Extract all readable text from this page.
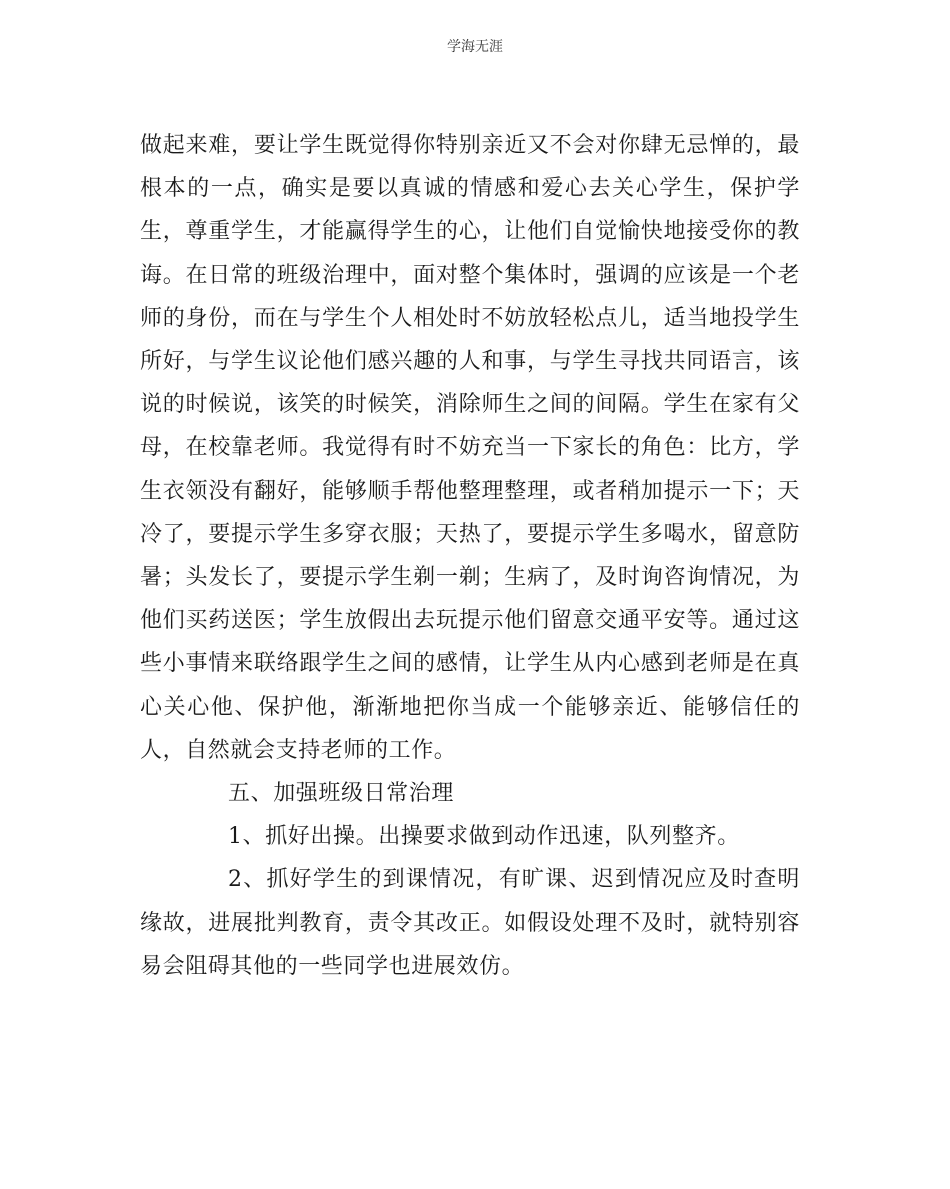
学海无涯

做起来难，要让学生既觉得你特别亲近又不会对你肆无忌惮的，最根本的一点，确实是要以真诚的情感和爱心去关心学生，保护学生，尊重学生，才能赢得学生的心，让他们自觉愉快地接受你的教诲。在日常的班级治理中，面对整个集体时，强调的应该是一个老师的身份，而在与学生个人相处时不妨放轻松点儿，适当地投学生所好，与学生议论他们感兴趣的人和事，与学生寻找共同语言，该说的时候说，该笑的时候笑，消除师生之间的间隔。学生在家有父母，在校靠老师。我觉得有时不妨充当一下家长的角色：比方，学生衣领没有翻好，能够顺手帮他整理整理，或者稍加提示一下；天冷了，要提示学生多穿衣服；天热了，要提示学生多喝水，留意防暑；头发长了，要提示学生剃一剃；生病了，及时询咨询情况，为他们买药送医；学生放假出去玩提示他们留意交通平安等。通过这些小事情来联络跟学生之间的感情，让学生从内心感到老师是在真心关心他、保护他，渐渐地把你当成一个能够亲近、能够信任的人，自然就会支持老师的工作。

五、加强班级日常治理

1、抓好出操。出操要求做到动作迅速，队列整齐。

2、抓好学生的到课情况，有旷课、迟到情况应及时查明缘故，进展批判教育，责令其改正。如假设处理不及时，就特别容易会阻碍其他的一些同学也进展效仿。
